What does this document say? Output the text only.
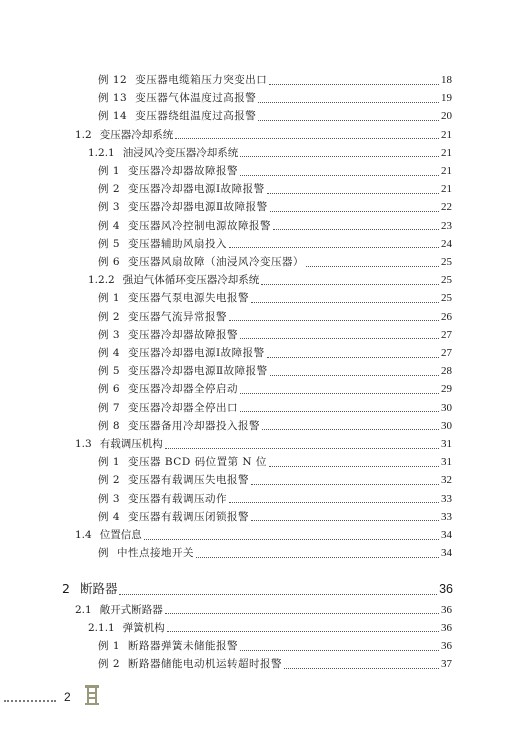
例 12 变压器电缆箱压力突变出口	18
例 13 变压器气体温度过高报警	19
例 14 变压器绕组温度过高报警	20
1.2 变压器冷却系统	21
1.2.1 油浸风冷变压器冷却系统	21
例 1 变压器冷却器故障报警	21
例 2 变压器冷却器电源Ⅰ故障报警	21
例 3 变压器冷却器电源Ⅱ故障报警	22
例 4 变压器风冷控制电源故障报警	23
例 5 变压器辅助风扇投入	24
例 6 变压器风扇故障（油浸风冷变压器）	25
1.2.2 强迫气体循环变压器冷却系统	25
例 1 变压器气泵电源失电报警	25
例 2 变压器气流异常报警	26
例 3 变压器冷却器故障报警	27
例 4 变压器冷却器电源Ⅰ故障报警	27
例 5 变压器冷却器电源Ⅱ故障报警	28
例 6 变压器冷却器全停启动	29
例 7 变压器冷却器全停出口	30
例 8 变压器备用冷却器投入报警	30
1.3 有载调压机构	31
例 1 变压器 BCD 码位置第 N 位	31
例 2 变压器有载调压失电报警	32
例 3 变压器有载调压动作	33
例 4 变压器有载调压闭锁报警	33
1.4 位置信息	34
例 中性点接地开关	34
2 断路器	36
2.1 敞开式断路器	36
2.1.1 弹簧机构	36
例 1 断路器弹簧未储能报警	36
例 2 断路器储能电动机运转超时报警	37
2
